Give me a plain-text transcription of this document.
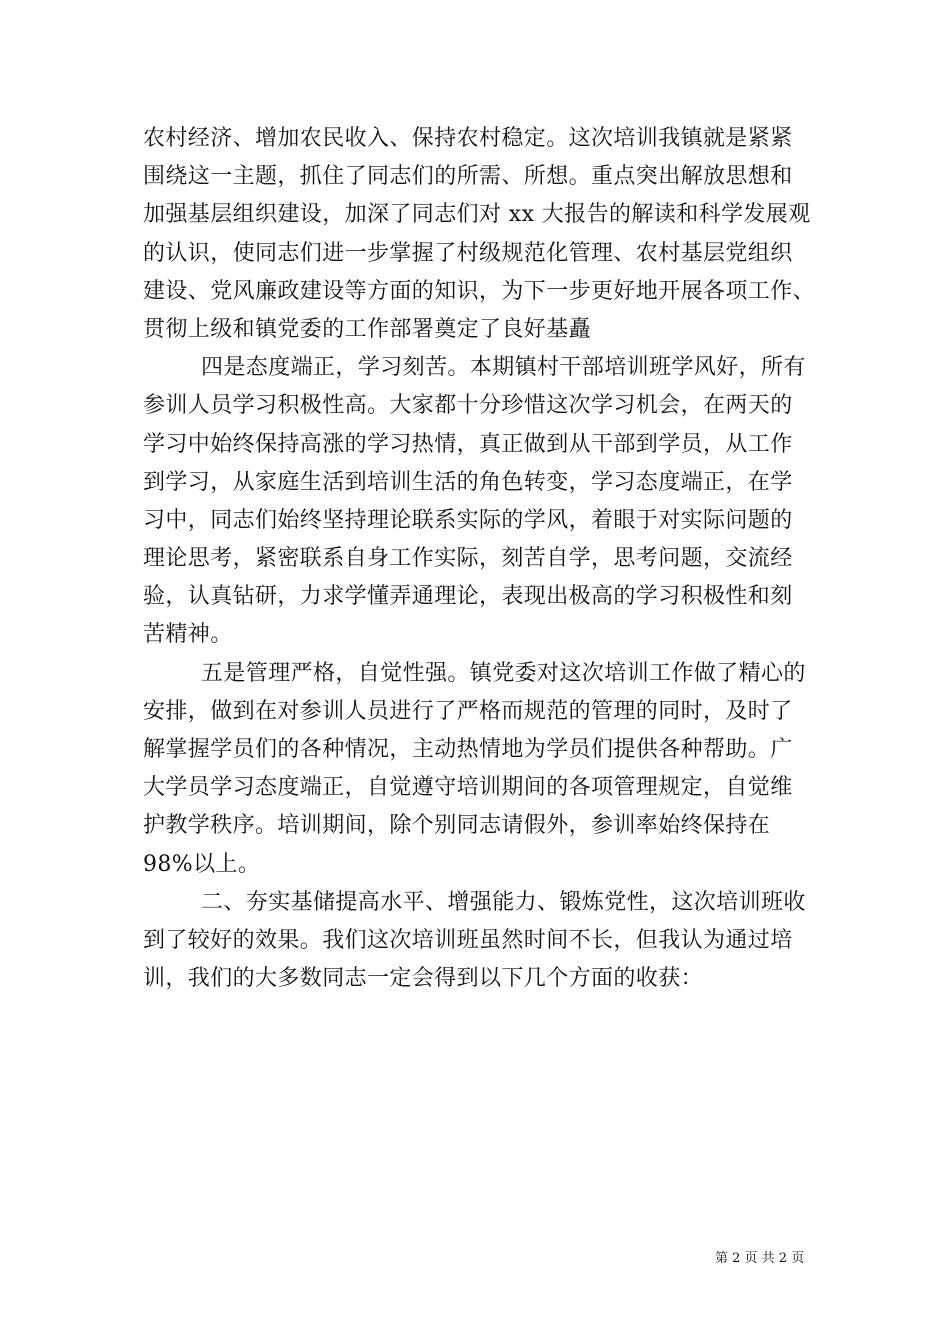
农村经济、增加农民收入、保持农村稳定。这次培训我镇就是紧紧
围绕这一主题，抓住了同志们的所需、所想。重点突出解放思想和
加强基层组织建设，加深了同志们对 xx 大报告的解读和科学发展观
的认识，使同志们进一步掌握了村级规范化管理、农村基层党组织
建设、党风廉政建设等方面的知识，为下一步更好地开展各项工作、
贯彻上级和镇党委的工作部署奠定了良好基矗
四是态度端正，学习刻苦。本期镇村干部培训班学风好，所有
参训人员学习积极性高。大家都十分珍惜这次学习机会，在两天的
学习中始终保持高涨的学习热情，真正做到从干部到学员，从工作
到学习，从家庭生活到培训生活的角色转变，学习态度端正，在学
习中，同志们始终坚持理论联系实际的学风，着眼于对实际问题的
理论思考，紧密联系自身工作实际，刻苦自学，思考问题，交流经
验，认真钻研，力求学懂弄通理论，表现出极高的学习积极性和刻
苦精神。
五是管理严格，自觉性强。镇党委对这次培训工作做了精心的
安排，做到在对参训人员进行了严格而规范的管理的同时，及时了
解掌握学员们的各种情况，主动热情地为学员们提供各种帮助。广
大学员学习态度端正，自觉遵守培训期间的各项管理规定，自觉维
护教学秩序。培训期间，除个别同志请假外，参训率始终保持在
98%以上。
二、夯实基储提高水平、增强能力、锻炼党性，这次培训班收
到了较好的效果。我们这次培训班虽然时间不长，但我认为通过培
训，我们的大多数同志一定会得到以下几个方面的收获：
第 2 页 共 2 页
